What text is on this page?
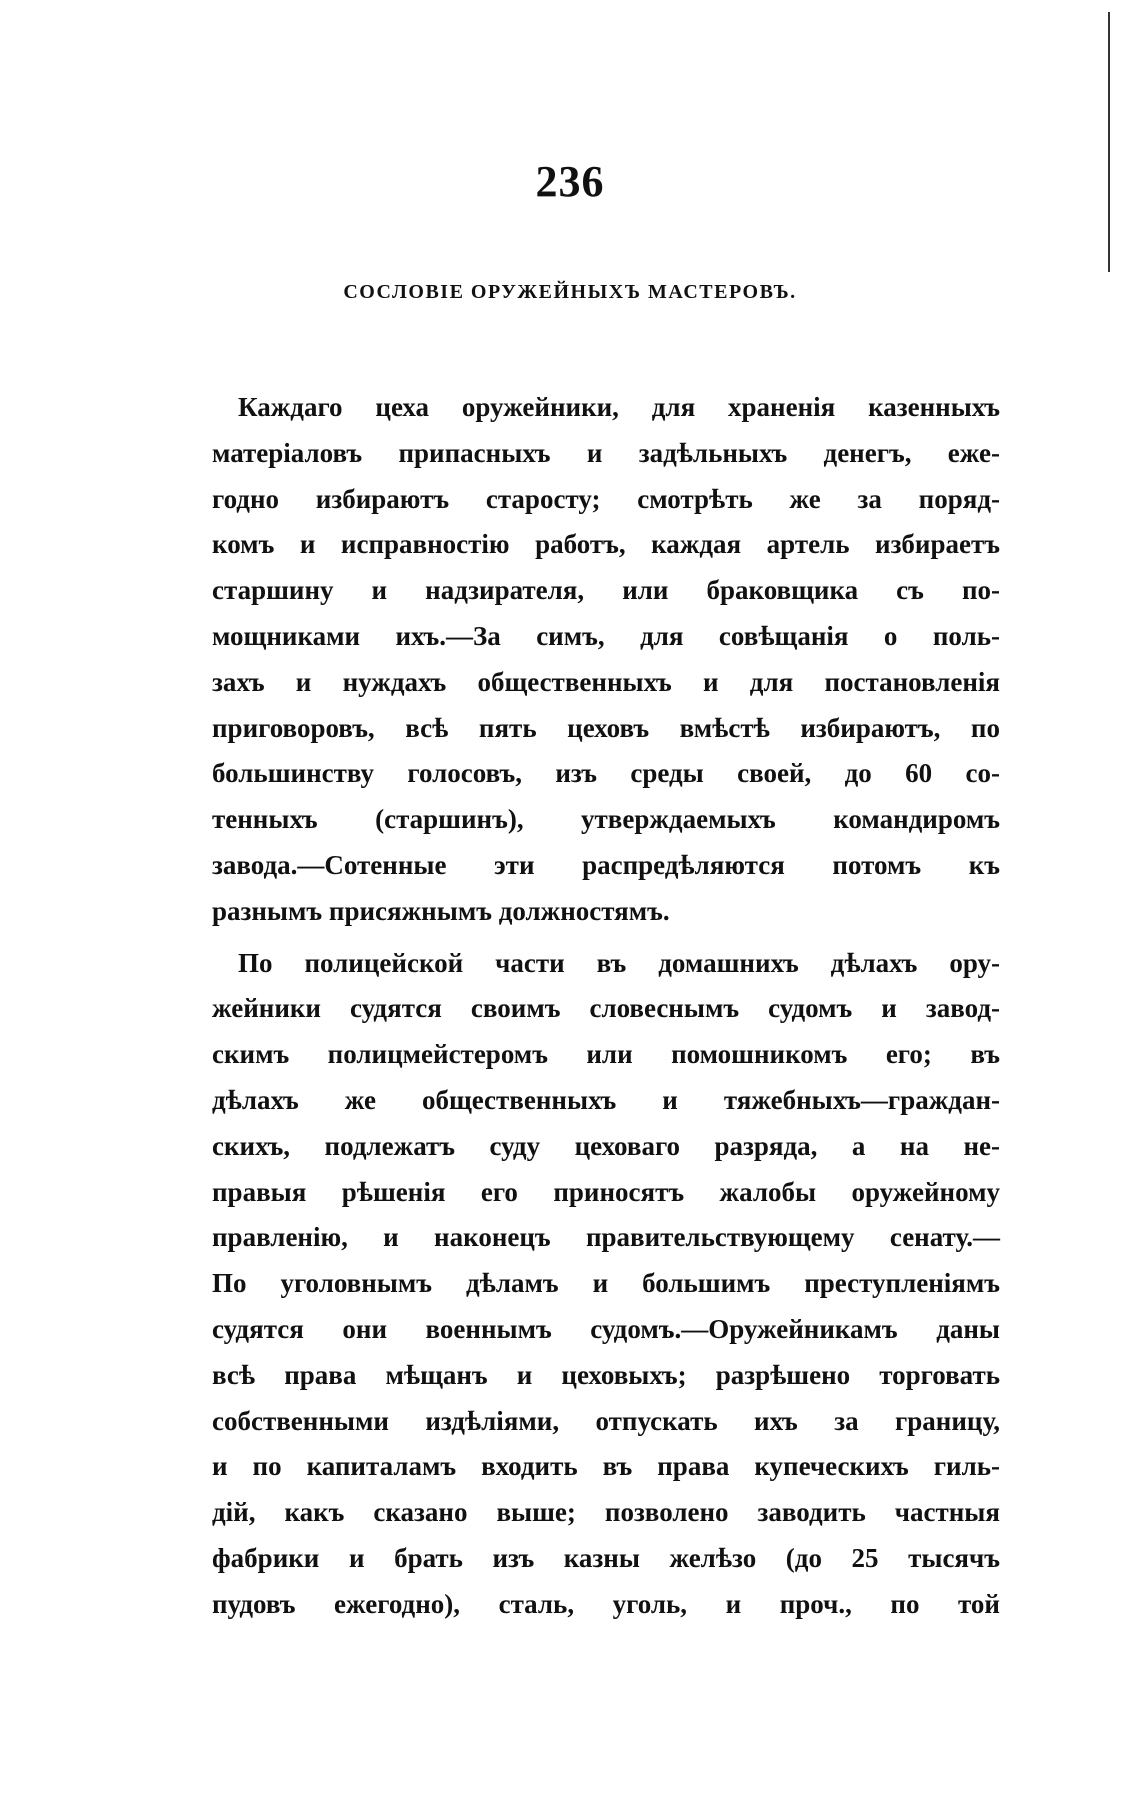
236
СОСЛОВІЕ ОРУЖЕЙНЫХЪ МАСТЕРОВЪ.
Каждаго цеха оружейники, для храненія казенныхъ
матеріаловъ припасныхъ и задѣльныхъ денегъ, еже-
годно избираютъ старосту; смотрѣть же за поряд-
комъ и исправностію работъ, каждая артель избираетъ
старшину и надзирателя, или браковщика съ по-
мощниками ихъ.—За симъ, для совѣщанія о поль-
захъ и нуждахъ общественныхъ и для постановленія
приговоровъ, всѣ пять цеховъ вмѣстѣ избираютъ, по
большинству голосовъ, изъ среды своей, до 60 со-
тенныхъ (старшинъ), утверждаемыхъ командиромъ
завода.—Сотенные эти распредѣляются потомъ къ
разнымъ присяжнымъ должностямъ.
По полицейской части въ домашнихъ дѣлахъ ору-
жейники судятся своимъ словеснымъ судомъ и завод-
скимъ полицмейстеромъ или помошникомъ его; въ
дѣлахъ же общественныхъ и тяжебныхъ—граждан-
скихъ, подлежатъ суду цеховаго разряда, а на не-
правыя рѣшенія его приносятъ жалобы оружейному
правленію, и наконецъ правительствующему сенату.—
По уголовнымъ дѣламъ и большимъ преступленіямъ
судятся они военнымъ судомъ.—Оружейникамъ даны
всѣ права мѣщанъ и цеховыхъ; разрѣшено торговать
собственными издѣліями, отпускать ихъ за границу,
и по капиталамъ входить въ права купеческихъ гиль-
дій, какъ сказано выше; позволено заводить частныя
фабрики и брать изъ казны желѣзо (до 25 тысячъ
пудовъ ежегодно), сталь, уголь, и проч., по той
